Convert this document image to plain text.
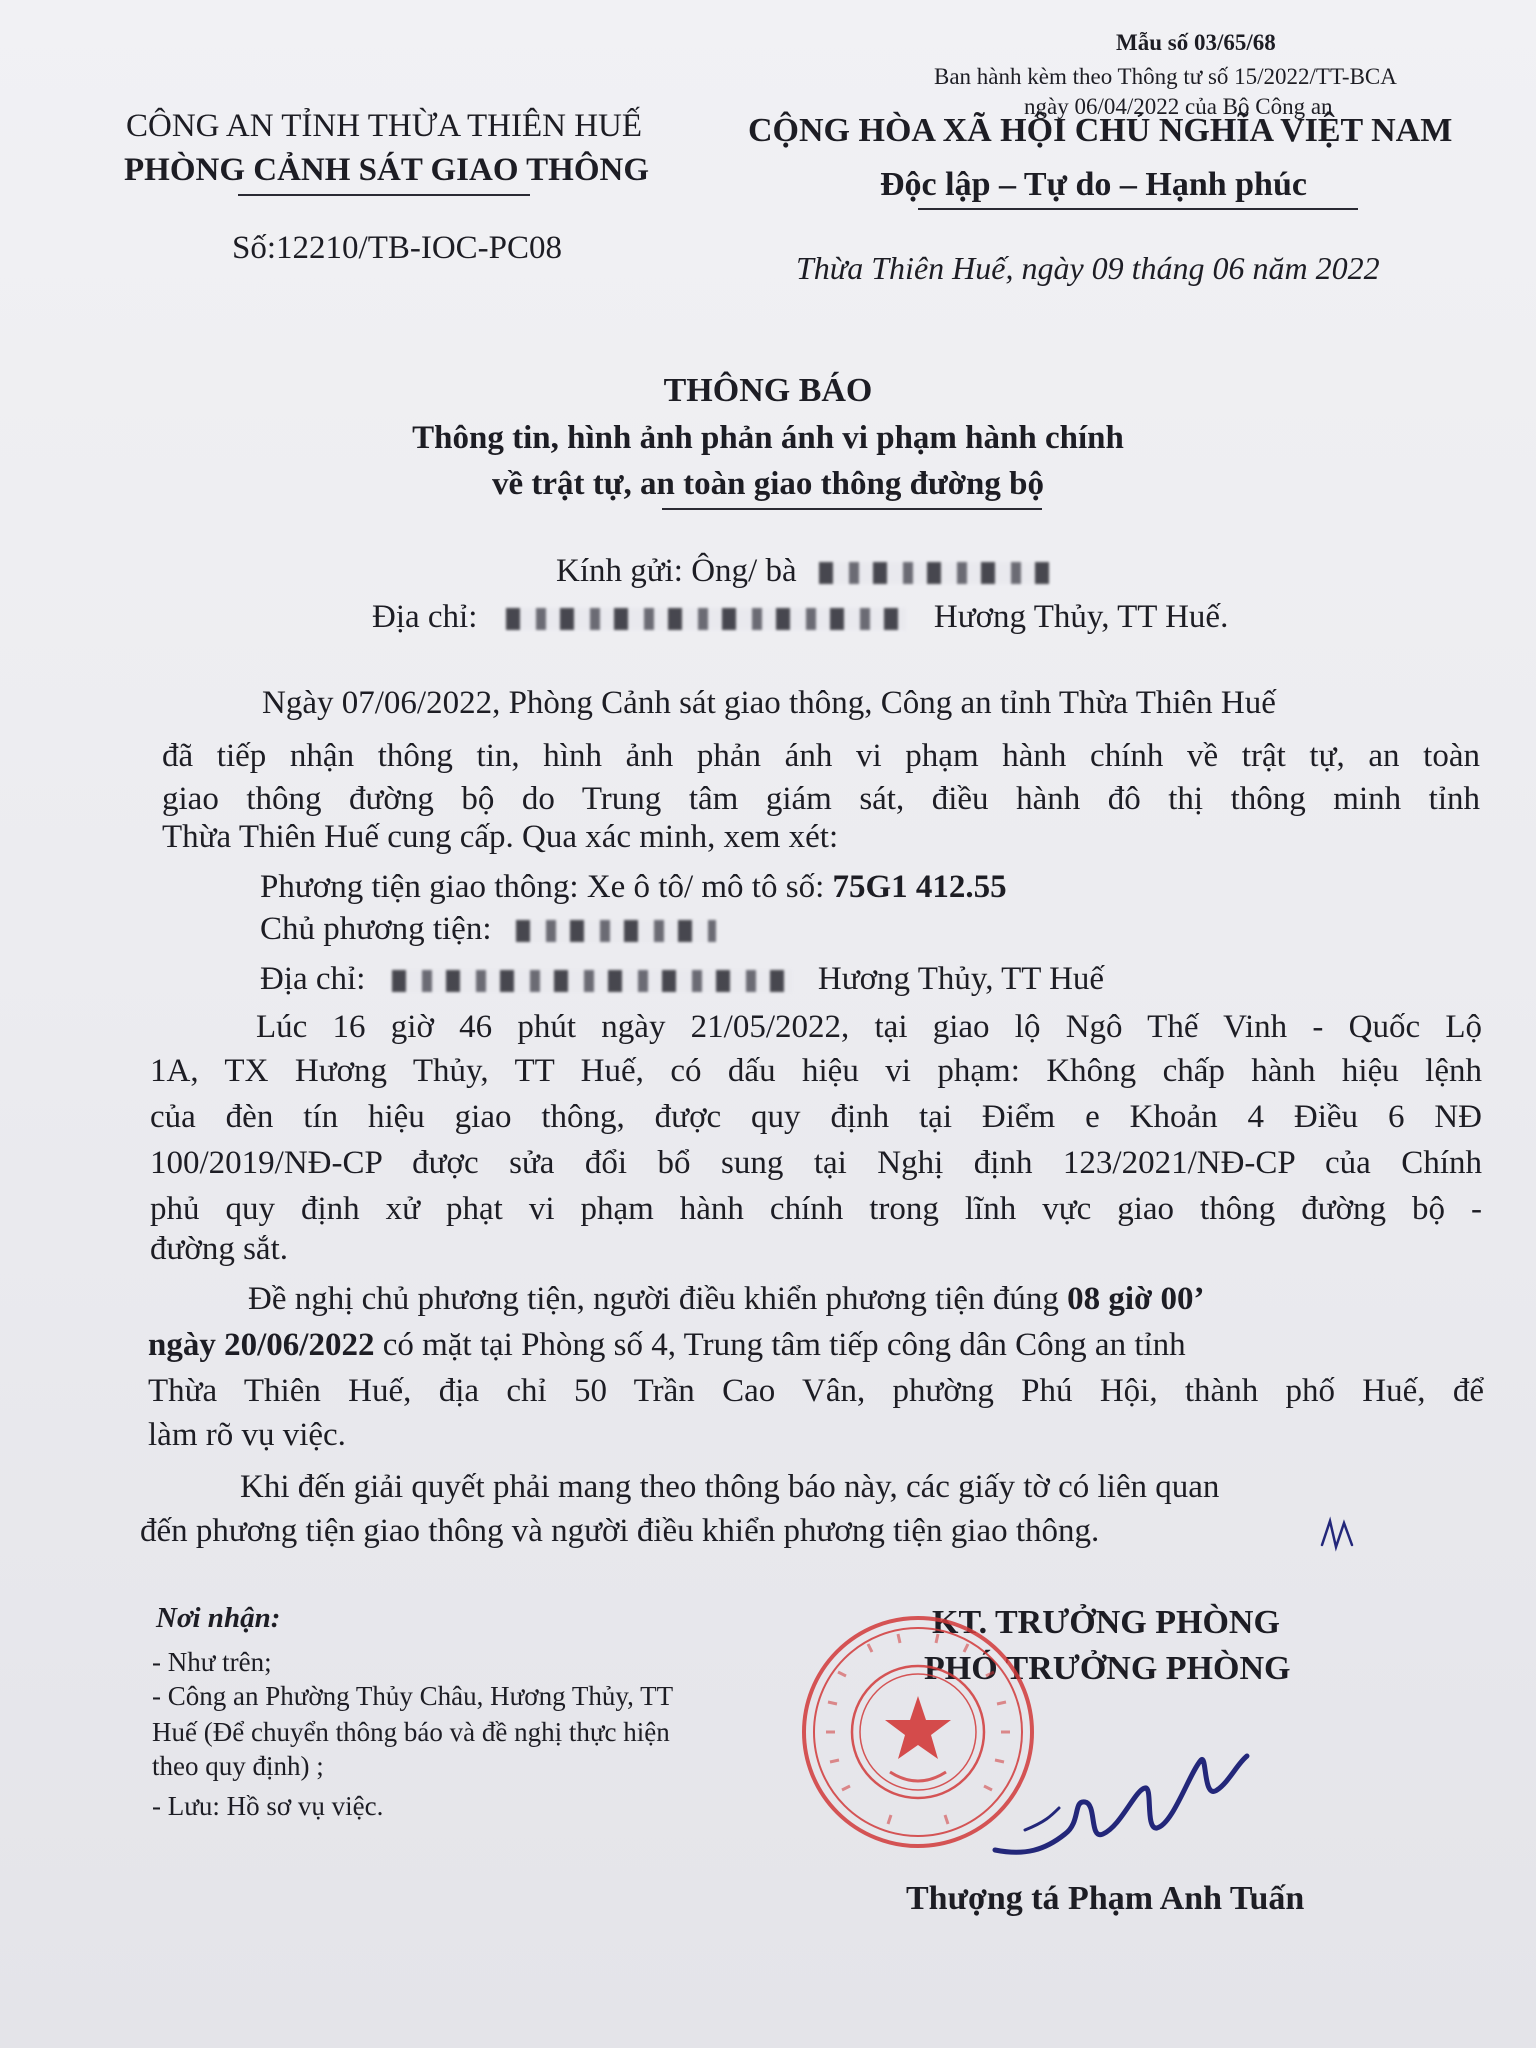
Mẫu số 03/65/68
Ban hành kèm theo Thông tư số 15/2022/TT-BCA
ngày 06/04/2022 của Bộ Công an
CÔNG AN TỈNH THỪA THIÊN HUẾ
PHÒNG CẢNH SÁT GIAO THÔNG
Số:12210/TB-IOC-PC08
CỘNG HÒA XÃ HỘI CHỦ NGHĨA VIỆT NAM
Độc lập – Tự do – Hạnh phúc
Thừa Thiên Huế, ngày 09 tháng 06 năm 2022
THÔNG BÁO
Thông tin, hình ảnh phản ánh vi phạm hành chính
về trật tự, an toàn giao thông đường bộ
Kính gửi: Ông/ bà
Địa chỉ:	Hương Thủy, TT Huế.
Ngày 07/06/2022, Phòng Cảnh sát giao thông, Công an tỉnh Thừa Thiên Huế
đã tiếp nhận thông tin, hình ảnh phản ánh vi phạm hành chính về trật tự, an toàn
giao thông đường bộ do Trung tâm giám sát, điều hành đô thị thông minh tỉnh
Thừa Thiên Huế cung cấp. Qua xác minh, xem xét:
Phương tiện giao thông: Xe ô tô/ mô tô số: 75G1 412.55
Chủ phương tiện:
Địa chỉ:	Hương Thủy, TT Huế
Lúc 16 giờ 46 phút ngày 21/05/2022, tại giao lộ Ngô Thế Vinh - Quốc Lộ
1A, TX Hương Thủy, TT Huế, có dấu hiệu vi phạm: Không chấp hành hiệu lệnh
của đèn tín hiệu giao thông, được quy định tại Điểm e Khoản 4 Điều 6 NĐ
100/2019/NĐ-CP được sửa đổi bổ sung tại Nghị định 123/2021/NĐ-CP của Chính
phủ quy định xử phạt vi phạm hành chính trong lĩnh vực giao thông đường bộ -
đường sắt.
Đề nghị chủ phương tiện, người điều khiển phương tiện đúng 08 giờ 00’
ngày 20/06/2022 có mặt tại Phòng số 4, Trung tâm tiếp công dân Công an tỉnh
Thừa Thiên Huế, địa chỉ 50 Trần Cao Vân, phường Phú Hội, thành phố Huế, để
làm rõ vụ việc.
Khi đến giải quyết phải mang theo thông báo này, các giấy tờ có liên quan
đến phương tiện giao thông và người điều khiển phương tiện giao thông.
Nơi nhận:
- Như trên;
- Công an Phường Thủy Châu, Hương Thủy, TT
Huế (Để chuyển thông báo và đề nghị thực hiện
theo quy định) ;
- Lưu: Hồ sơ vụ việc.
KT. TRƯỞNG PHÒNG
PHÓ TRƯỞNG PHÒNG
Thượng tá Phạm Anh Tuấn
